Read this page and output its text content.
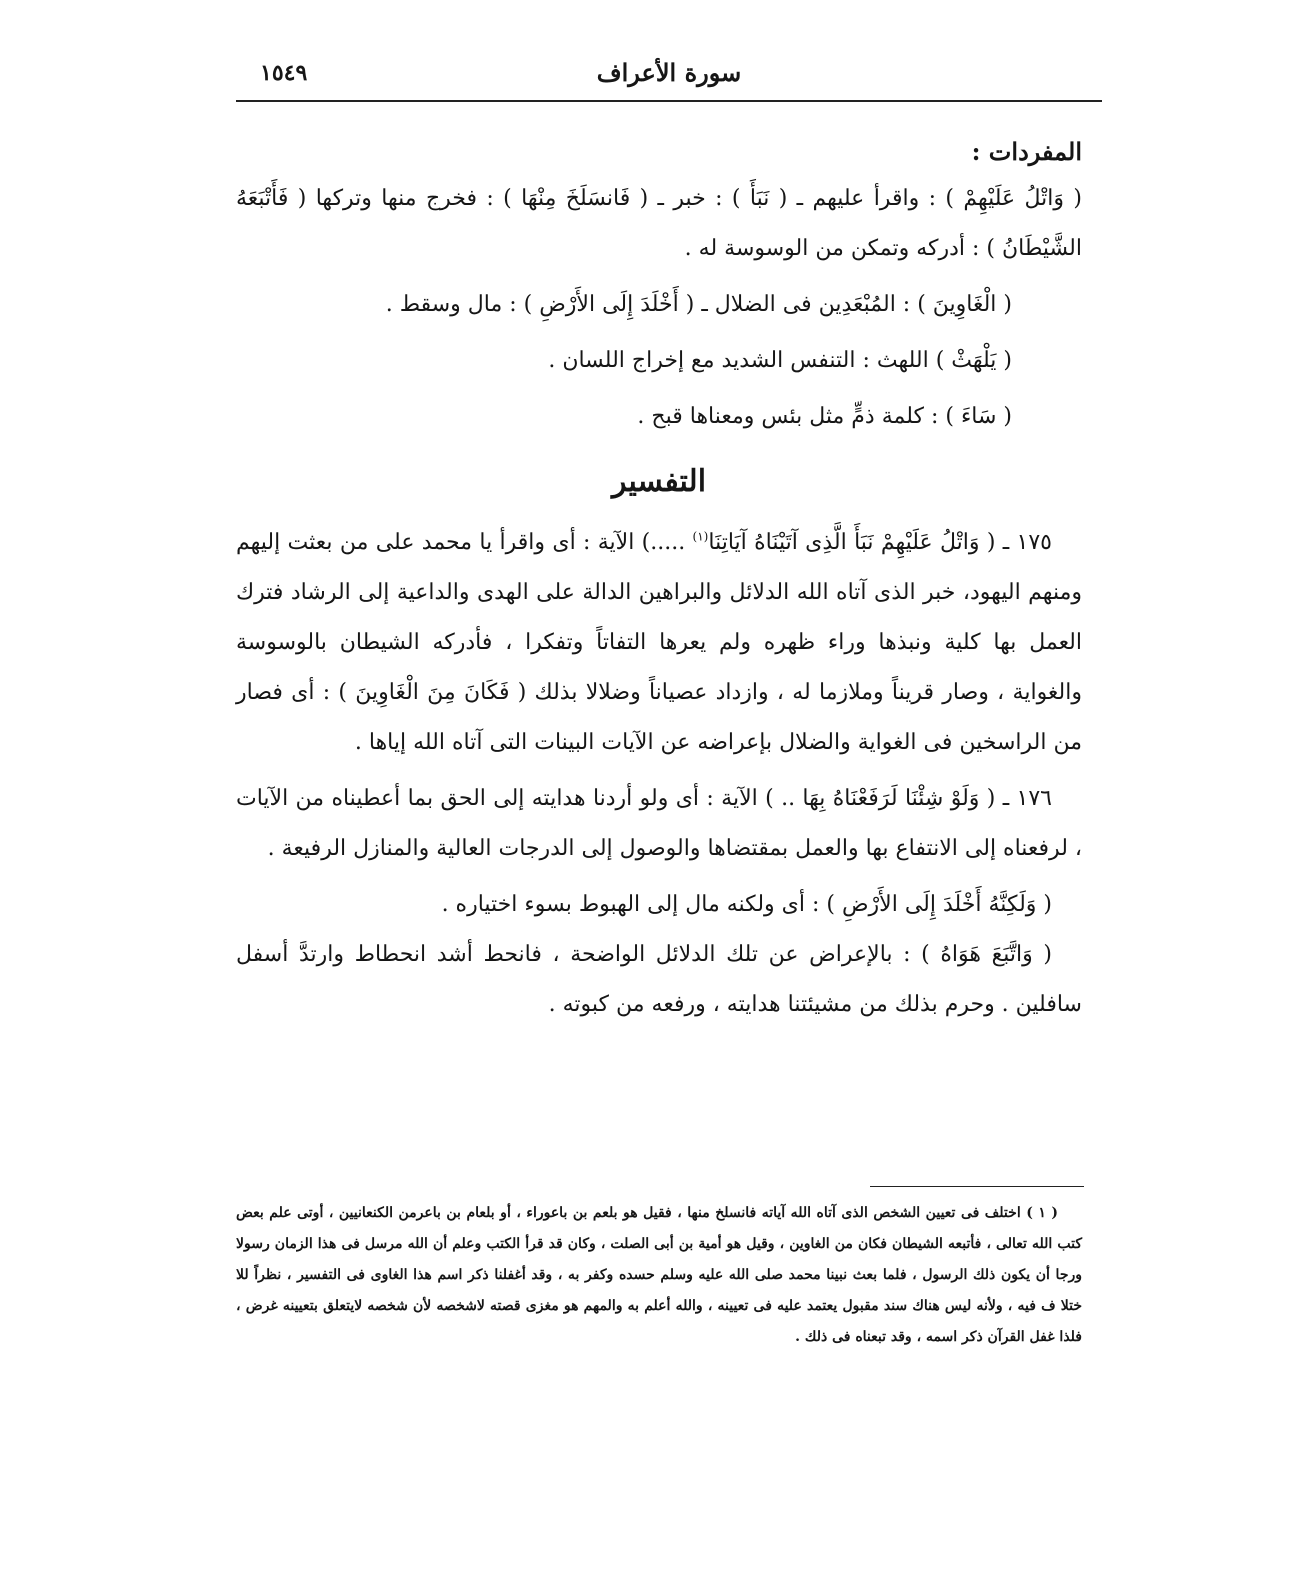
سورة الأعراف
١٥٤٩

المفردات :

( وَاتْلُ عَلَيْهِمْ ) : واقرأ عليهم ـ ( نَبَأَ ) : خبر ـ ( فَانسَلَخَ مِنْهَا ) : فخرج منها وتركها ( فَأَتْبَعَهُ الشَّيْطَانُ ) : أدركه وتمكن من الوسوسة له .

( الْغَاوِينَ ) : المُبْعَدِين فى الضلال ـ ( أَخْلَدَ إِلَى الأَرْضِ ) : مال وسقط .

( يَلْهَثْ ) اللهث : التنفس الشديد مع إخراج اللسان .

( سَاءَ ) : كلمة ذمٍّ مثل بئس ومعناها قبح .

التفسير

١٧٥ ـ ( وَاتْلُ عَلَيْهِمْ نَبَأَ الَّذِى آتَيْنَاهُ آيَاتِنَا$^{(١)}$ .....) الآية : أى واقرأ يا محمد على من بعثت إليهم ومنهم اليهود، خبر الذى آتاه الله الدلائل والبراهين الدالة على الهدى والداعية إلى الرشاد فترك العمل بها كلية ونبذها وراء ظهره ولم يعرها التفاتاً وتفكرا ، فأدركه الشيطان بالوسوسة والغواية ، وصار قريناً وملازما له ، وازداد عصياناً وضلالا بذلك ( فَكَانَ مِنَ الْغَاوِينَ ) : أى فصار من الراسخين فى الغواية والضلال بإعراضه عن الآيات البينات التى آتاه الله إياها .

١٧٦ ـ ( وَلَوْ شِئْنَا لَرَفَعْنَاهُ بِهَا .. ) الآية : أى ولو أردنا هدايته إلى الحق بما أعطيناه من الآيات ، لرفعناه إلى الانتفاع بها والعمل بمقتضاها والوصول إلى الدرجات العالية والمنازل الرفيعة .

( وَلَكِنَّهُ أَخْلَدَ إِلَى الأَرْضِ ) : أى ولكنه مال إلى الهبوط بسوء اختياره .

( وَاتَّبَعَ هَوَاهُ ) : بالإعراض عن تلك الدلائل الواضحة ، فانحط أشد انحطاط وارتدَّ أسفل سافلين . وحرم بذلك من مشيئتنا هدايته ، ورفعه من كبوته .

( ١ ) اختلف فى تعيين الشخص الذى آتاه الله آياته فانسلخ منها ، فقيل هو بلعم بن باعوراء ، أو بلعام بن باعرمن الكنعانيين ، أوتى علم بعض كتب الله تعالى ، فأتبعه الشيطان فكان من الغاوين ، وقيل هو أمية بن أبى الصلت ، وكان قد قرأ الكتب وعلم أن الله مرسل فى هذا الزمان رسولا ورجا أن يكون ذلك الرسول ، فلما بعث نبينا محمد صلى الله عليه وسلم حسده وكفر به ، وقد أغفلنا ذكر اسم هذا الغاوى فى التفسير ، نظراً للا ختلا ف فيه ، ولأنه ليس هناك سند مقبول يعتمد عليه فى تعيينه ، والله أعلم به والمهم هو مغزى قصته لاشخصه لأن شخصه لايتعلق بتعيينه غرض ، فلذا غفل القرآن ذكر اسمه ، وقد تبعناه فى ذلك .
